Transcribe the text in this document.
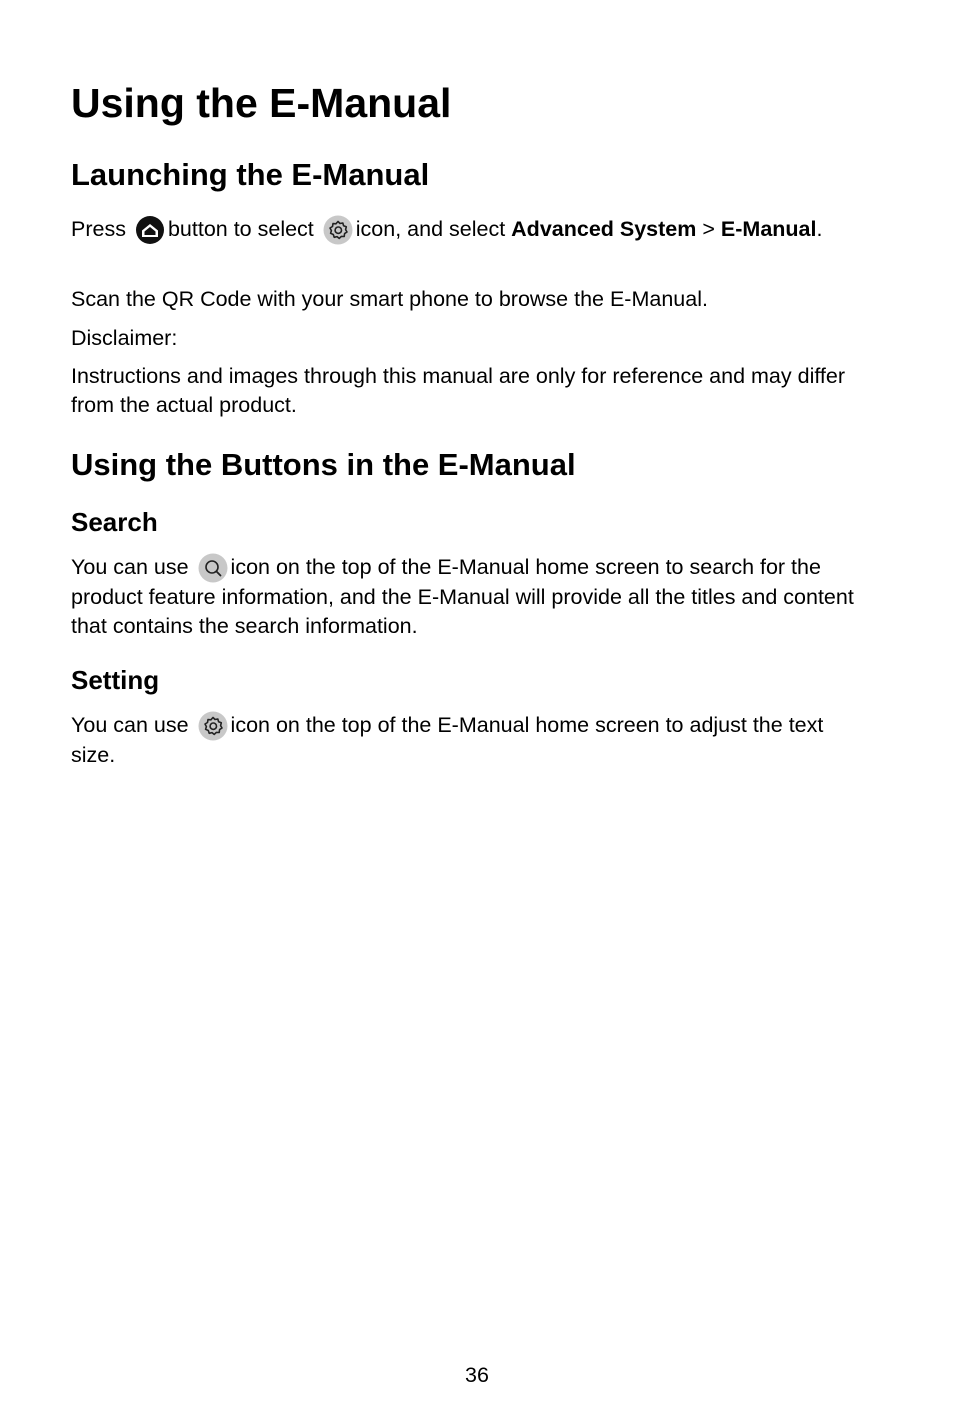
Using the E-Manual
Launching the E-Manual

Press button to select icon, and select Advanced System > E-Manual.

Scan the QR Code with your smart phone to browse the E-Manual.

Disclaimer:

Instructions and images through this manual are only for reference and may differ from the actual product.

Using the Buttons in the E-Manual
Search

You can use icon on the top of the E-Manual home screen to search for the product feature information, and the E-Manual will provide all the titles and content that contains the search information.

Setting

You can use icon on the top of the E-Manual home screen to adjust the text size.

36
